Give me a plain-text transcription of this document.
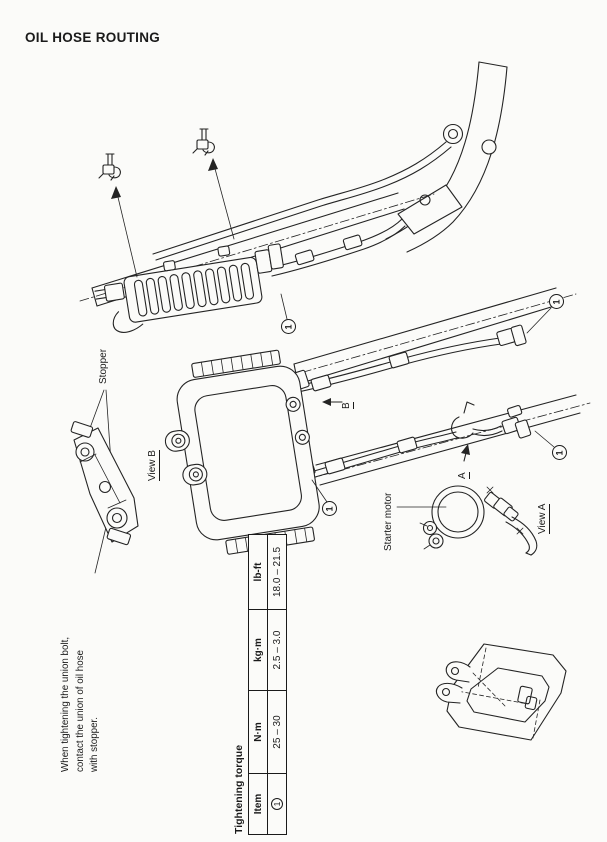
OIL HOSE ROUTING
Stopper
View B
B
A
View A
Starter motor
When tightening the union bolt, contact the union of oil hose with stopper.
1
1
1
1
Tightening torque Item	N·m	kg·m	lb-ft
1	25 – 30	2.5 – 3.0	18.0 – 21.5
